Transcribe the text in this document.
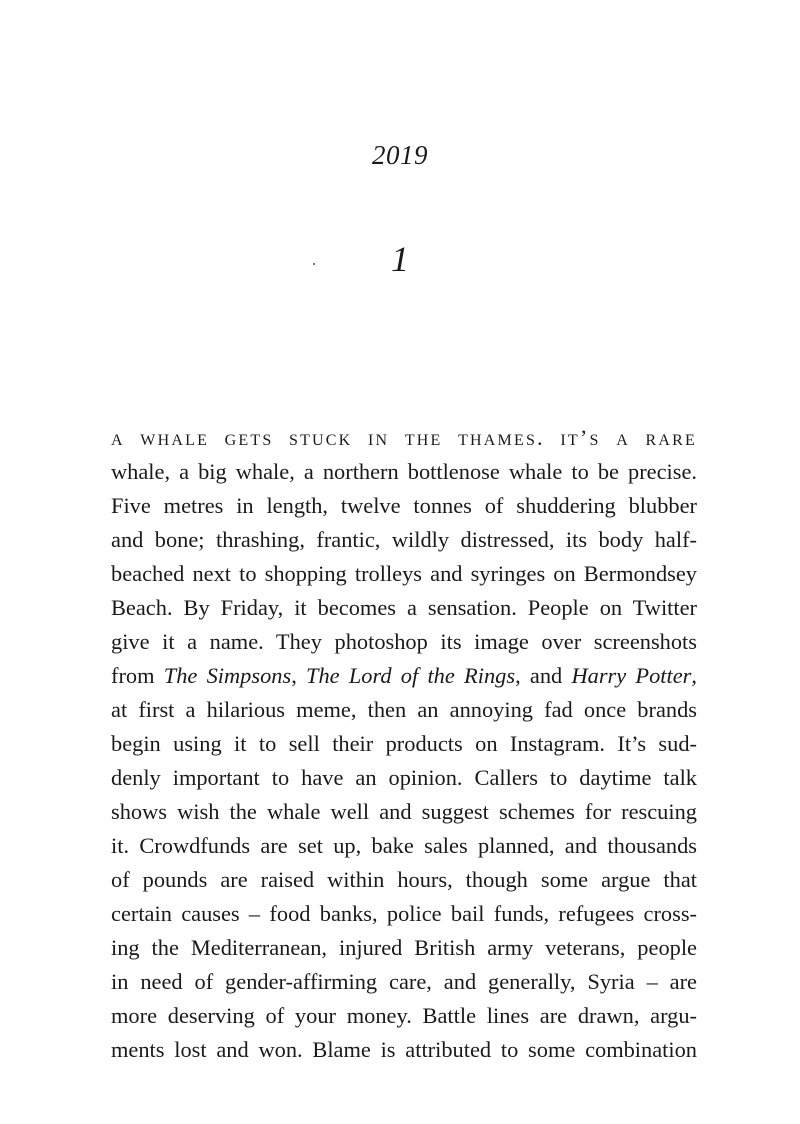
2019
1
a whale gets stuck in the thames. it’s a rare
whale, a big whale, a northern bottlenose whale to be precise.
Five metres in length, twelve tonnes of shuddering blubber
and bone; thrashing, frantic, wildly distressed, its body half-
beached next to shopping trolleys and syringes on Bermondsey
Beach. By Friday, it becomes a sensation. People on Twitter
give it a name. They photoshop its image over screenshots
from The Simpsons, The Lord of the Rings, and Harry Potter,
at first a hilarious meme, then an annoying fad once brands
begin using it to sell their products on Instagram. It’s sud-
denly important to have an opinion. Callers to daytime talk
shows wish the whale well and suggest schemes for rescuing
it. Crowdfunds are set up, bake sales planned, and thousands
of pounds are raised within hours, though some argue that
certain causes – food banks, police bail funds, refugees cross-
ing the Mediterranean, injured British army veterans, people
in need of gender-affirming care, and generally, Syria – are
more deserving of your money. Battle lines are drawn, argu-
ments lost and won. Blame is attributed to some combination
